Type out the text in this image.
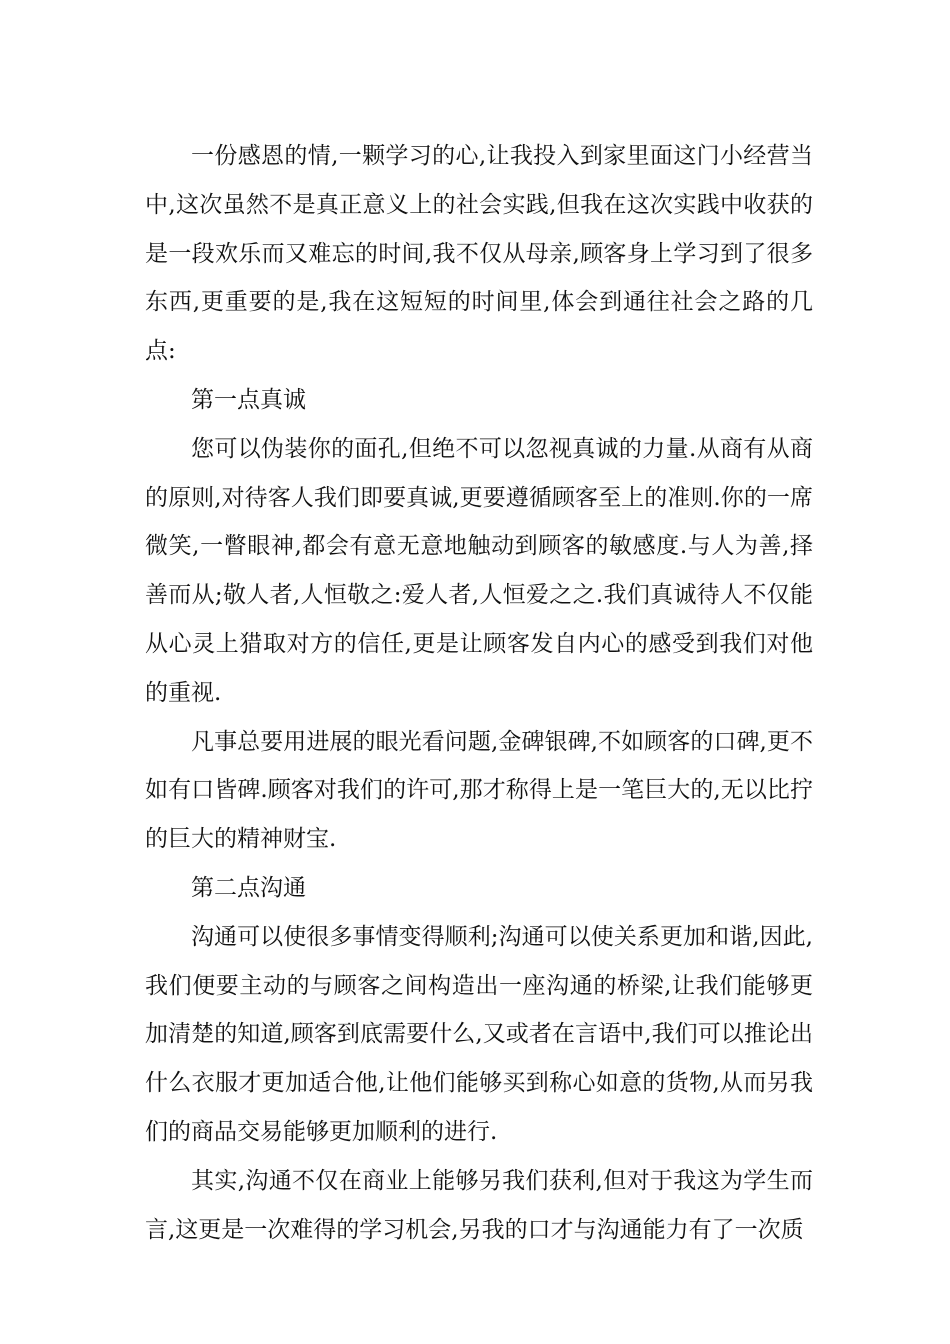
一份感恩的情,一颗学习的心,让我投入到家里面这门小经营当中,这次虽然不是真正意义上的社会实践,但我在这次实践中收获的是一段欢乐而又难忘的时间,我不仅从母亲,顾客身上学习到了很多东西,更重要的是,我在这短短的时间里,体会到通往社会之路的几点:

第一点真诚

您可以伪装你的面孔,但绝不可以忽视真诚的力量.从商有从商的原则,对待客人我们即要真诚,更要遵循顾客至上的准则.你的一席微笑,一瞥眼神,都会有意无意地触动到顾客的敏感度.与人为善,择善而从;敬人者,人恒敬之:爱人者,人恒爱之之.我们真诚待人不仅能从心灵上猎取对方的信任,更是让顾客发自内心的感受到我们对他的重视.

凡事总要用进展的眼光看问题,金碑银碑,不如顾客的口碑,更不如有口皆碑.顾客对我们的许可,那才称得上是一笔巨大的,无以比拧的巨大的精神财宝.

第二点沟通

沟通可以使很多事情变得顺利;沟通可以使关系更加和谐,因此,我们便要主动的与顾客之间构造出一座沟通的桥梁,让我们能够更加清楚的知道,顾客到底需要什么,又或者在言语中,我们可以推论出什么衣服才更加适合他,让他们能够买到称心如意的货物,从而另我们的商品交易能够更加顺利的进行.

其实,沟通不仅在商业上能够另我们获利,但对于我这为学生而言,这更是一次难得的学习机会,另我的口才与沟通能力有了一次质
